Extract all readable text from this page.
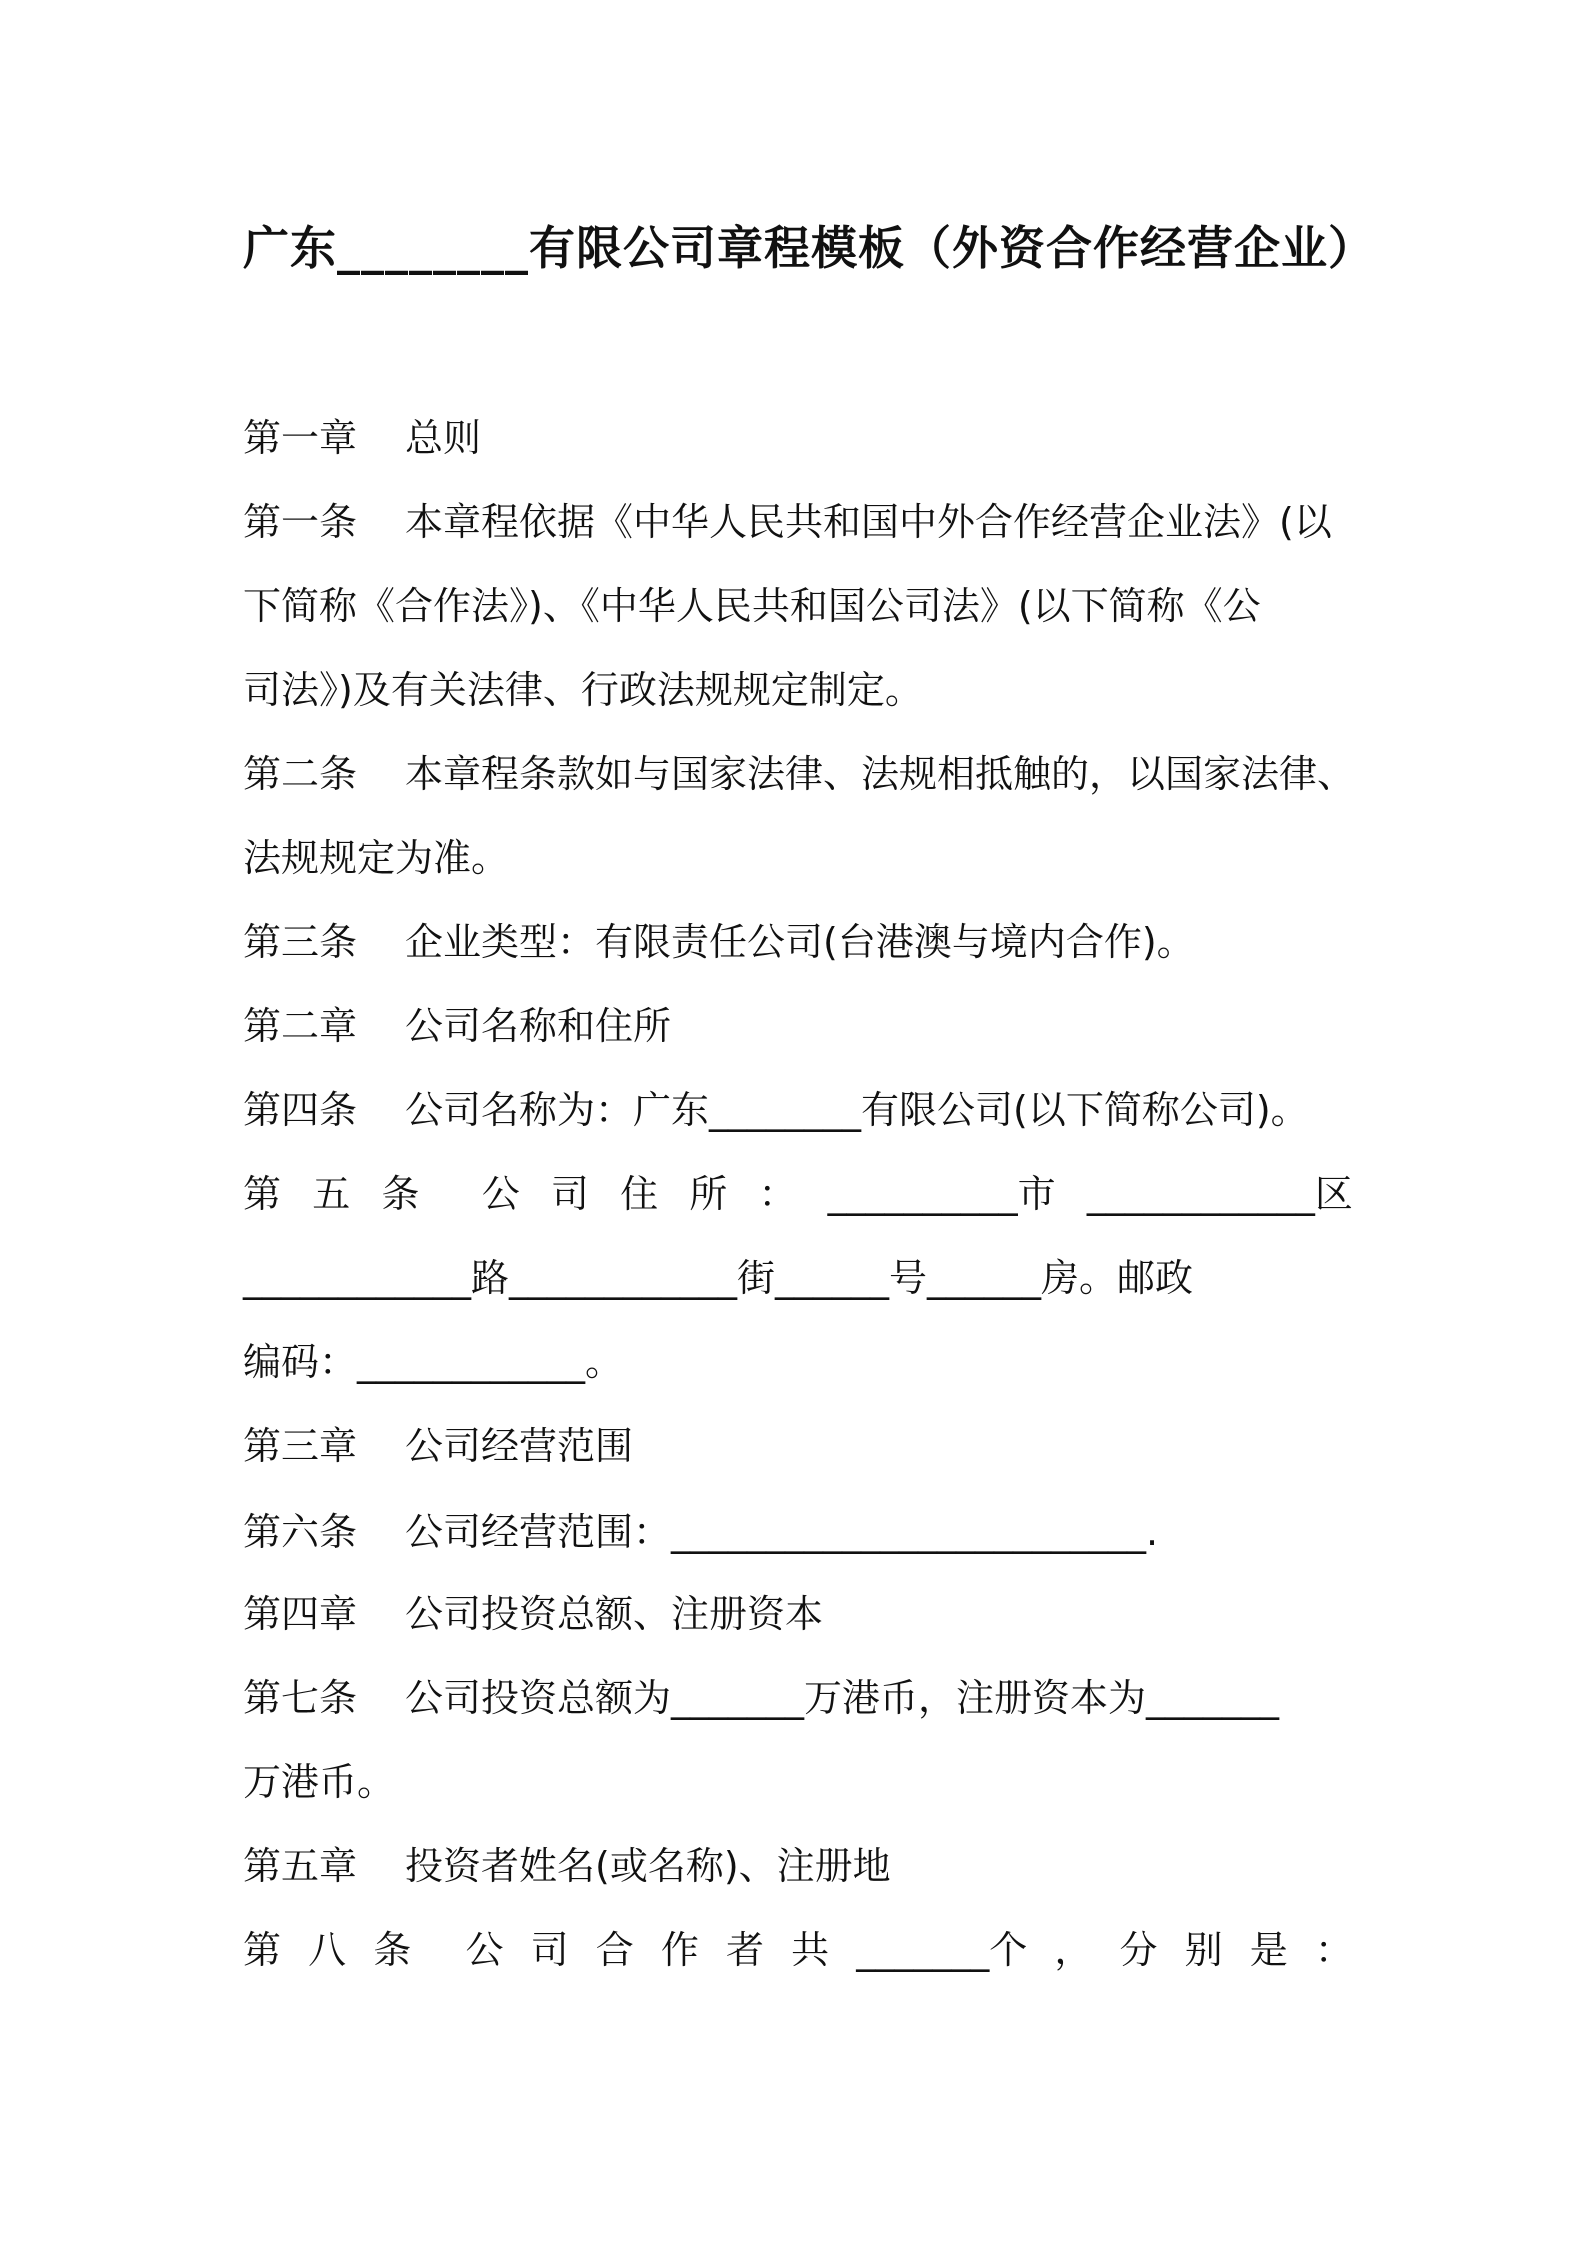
广东________有限公司章程模板（外资合作经营企业）
第一章 总则
第一条 本章程依据《中华人民共和国中外合作经营企业法》(以
下简称《合作法》)、《中华人民共和国公司法》(以下简称《公
司法》)及有关法律、行政法规规定制定。
第二条 本章程条款如与国家法律、法规相抵触的，以国家法律、
法规规定为准。
第三条 企业类型：有限责任公司(台港澳与境内合作)。
第二章 公司名称和住所
第四条 公司名称为：广东________有限公司(以下简称公司)。
第 五 条 公 司 住 所 ： __________市 ____________区
____________路____________街______号______房。邮政
编码：____________。
第三章 公司经营范围
第六条 公司经营范围：_________________________.
第四章 公司投资总额、注册资本
第七条 公司投资总额为_______万港币，注册资本为_______
万港币。
第五章 投资者姓名(或名称)、注册地
第 八 条 公 司 合 作 者 共 _______个 ， 分 别 是 ：
